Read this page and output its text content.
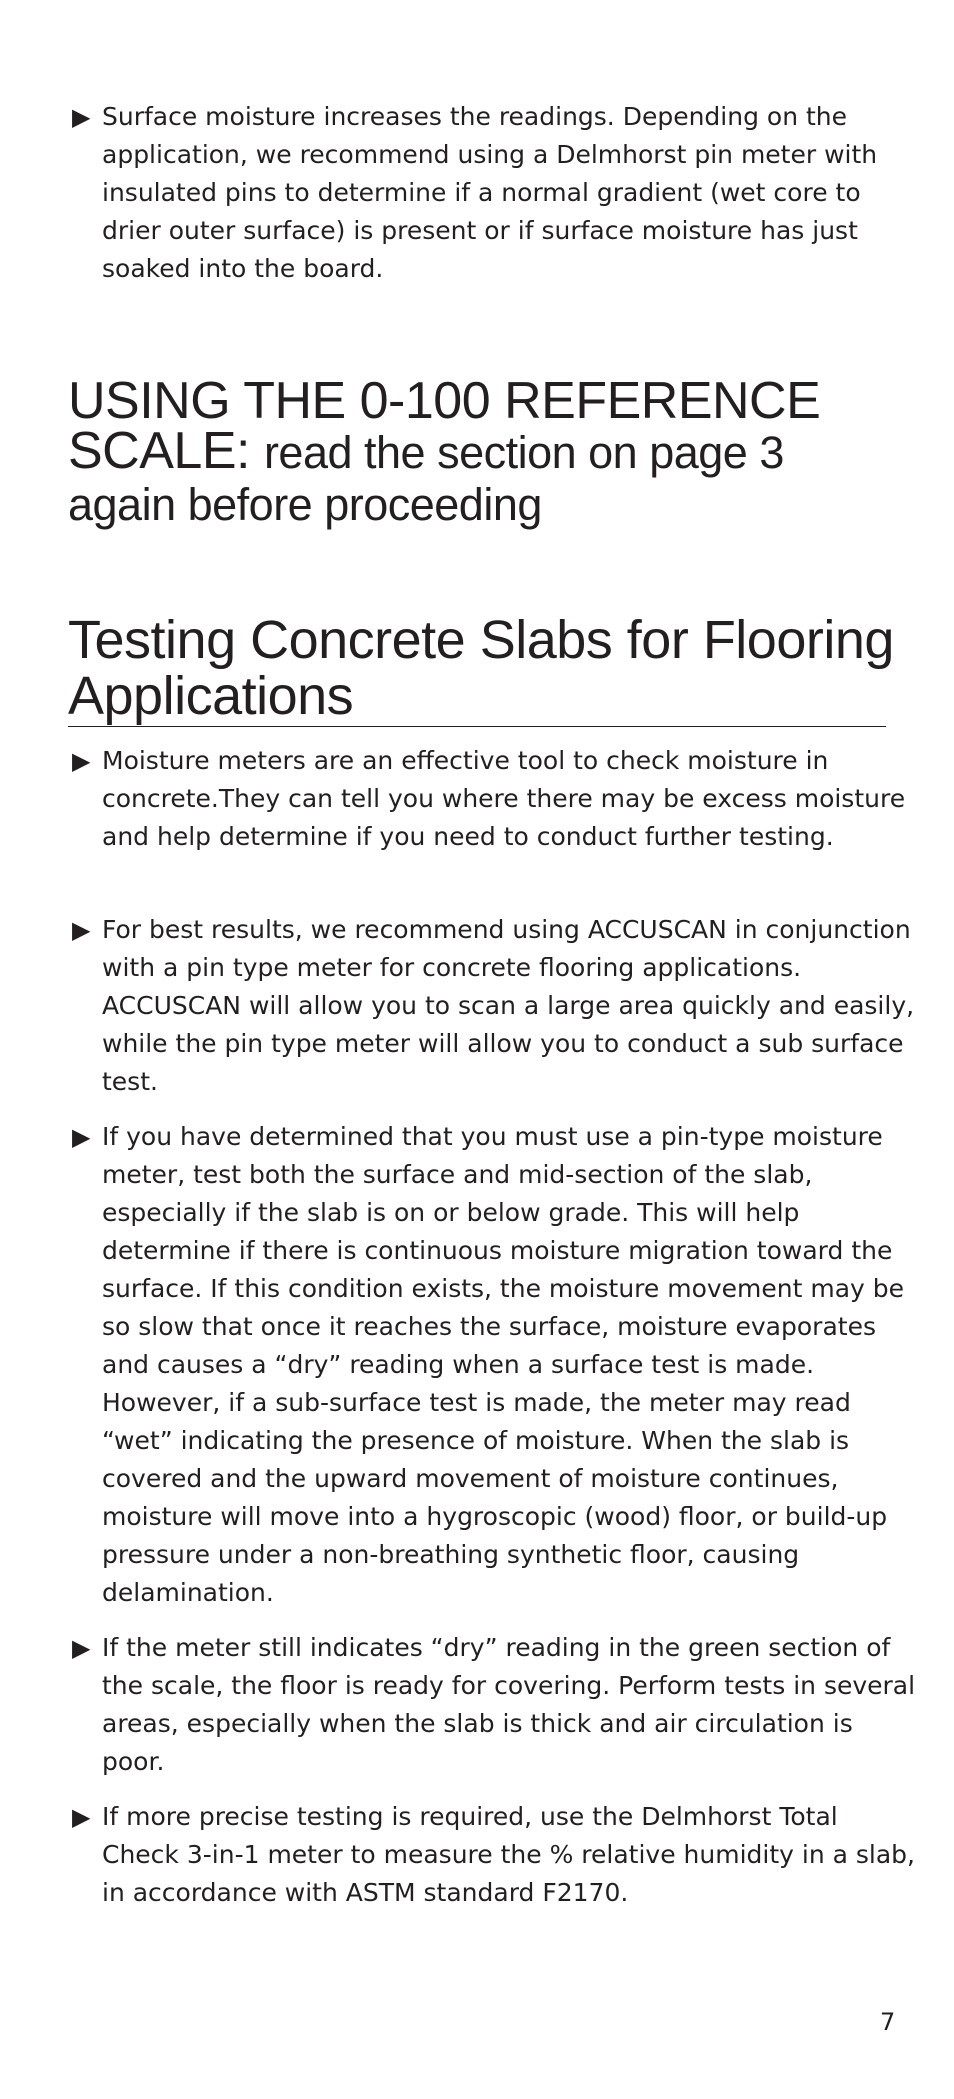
▶ Surface moisture increases the readings. Depending on the application, we recommend using a Delmhorst pin meter with insulated pins to determine if a normal gradient (wet core to drier outer surface) is present or if surface moisture has just soaked into the board.
USING THE 0-100 REFERENCE SCALE: read the section on page 3 again before proceeding
Testing Concrete Slabs for Flooring Applications
▶ Moisture meters are an effective tool to check moisture in concrete.They can tell you where there may be excess moisture and help determine if you need to conduct further testing.
▶ For best results, we recommend using ACCUSCAN in conjunction with a pin type meter for concrete flooring applications. ACCUSCAN will allow you to scan a large area quickly and easily, while the pin type meter will allow you to conduct a sub surface test.
▶ If you have determined that you must use a pin-type moisture meter, test both the surface and mid-section of the slab, especially if the slab is on or below grade. This will help determine if there is continuous moisture migration toward the surface. If this condition exists, the moisture movement may be so slow that once it reaches the surface, moisture evaporates and causes a “dry” reading when a surface test is made. However, if a sub-surface test is made, the meter may read “wet” indicating the presence of moisture. When the slab is covered and the upward movement of moisture continues, moisture will move into a hygroscopic (wood) floor, or build-up pressure under a non-breathing synthetic floor, causing delamination.
▶ If the meter still indicates “dry” reading in the green section of the scale, the floor is ready for covering. Perform tests in several areas, especially when the slab is thick and air circulation is poor.
▶ If more precise testing is required, use the Delmhorst Total Check 3-in-1 meter to measure the % relative humidity in a slab, in accordance with ASTM standard F2170.
7
